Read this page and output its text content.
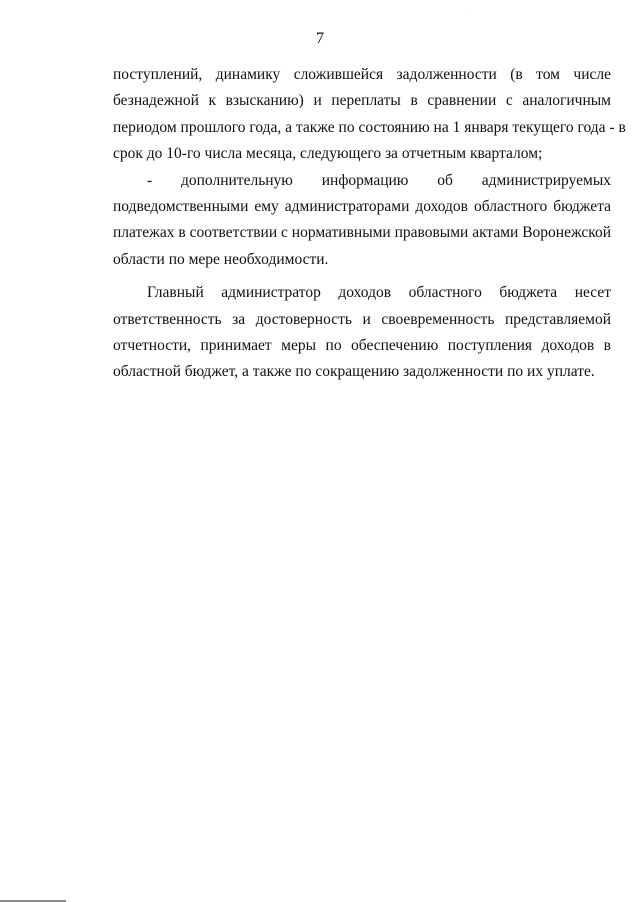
7
поступлений, динамику сложившейся задолженности (в том числе
безнадежной к взысканию) и переплаты в сравнении с аналогичным
периодом прошлого года, а также по состоянию на 1 января текущего года - в
срок до 10-го числа месяца, следующего за отчетным кварталом;
- дополнительную информацию об администрируемых
подведомственными ему администраторами доходов областного бюджета
платежах в соответствии с нормативными правовыми актами Воронежской
области по мере необходимости.
Главный администратор доходов областного бюджета несет
ответственность за достоверность и своевременность представляемой
отчетности, принимает меры по обеспечению поступления доходов в
областной бюджет, а также по сокращению задолженности по их уплате.
